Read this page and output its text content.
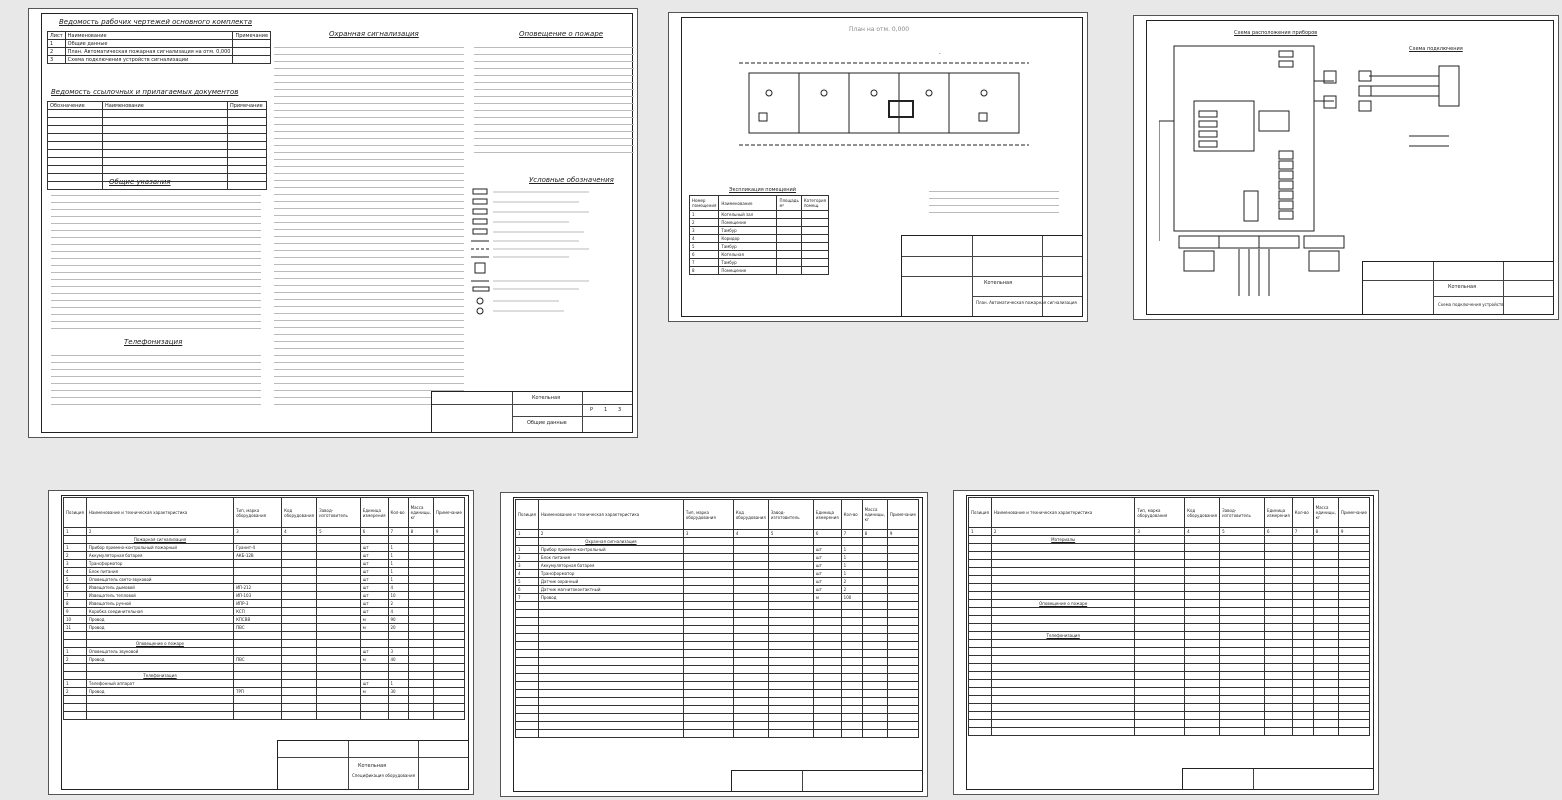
Ведомость рабочих чертежей основного комплекта
Лист	Наименование	Примечание
1	Общие данные	
2	План. Автоматическая пожарная сигнализация на отм. 0,000	
3	Схема подключения устройств сигнализации	
Ведомость ссылочных и прилагаемых документов
Обозначение	Наименование	Примечание

Общие указания
Телефонизация
Охранная сигнализация	Оповещение о пожаре
Условные обозначения
Котельная
Р 1 3
Общие данные
План на отм. 0,000
Экспликация помещений
Номер помещения	Наименование	Площадь м²	Категория помещ.
1	Котельный зал		
2	Помещение		
3	Тамбур		
4	Коридор		
5	Тамбур		
6	Котельная		
7	Тамбур		
8	Помещение		
Котельная
План. Автоматическая пожарная сигнализация
Схема расположения приборов
Схема подключения
Котельная
Схема подключения устройств
Позиция	Наименование и техническая характеристика	Тип, марка оборудования	Код оборудования	Завод-изготовитель	Единица измерения	Кол-во	Масса единицы, кг	Примечание
1	2	3	4	5	6	7	8	9
	Пожарная сигнализация							
1	Прибор приемно-контрольный пожарный	Гранит-4			шт	1		
2	Аккумуляторная батарея	АКБ-12В			шт	1		
3	Трансформатор				шт	1		
4	Блок питания				шт	1		
5	Оповещатель свето-звуковой				шт	1		
6	Извещатель дымовой	ИП-212			шт	4		
7	Извещатель тепловой	ИП-103			шт	10		
8	Извещатель ручной	ИПР-3			шт	2		
9	Коробка соединительная	КСП			шт	4		
10	Провод	КПСВВ			м	90		
11	Провод	ПВС			м	20		

	Оповещение о пожаре							
1	Оповещатель звуковой				шт	3		
2	Провод	ПВС			м	40		

	Телефонизация							
1	Телефонный аппарат				шт	1		
2	Провод	ТРП			м	30		

Котельная
Спецификация оборудования
Позиция	Наименование и техническая характеристика	Тип, марка оборудования	Код оборудования	Завод-изготовитель	Единица измерения	Кол-во	Масса единицы, кг	Примечание
1	2	3	4	5	6	7	8	9
	Охранная сигнализация							
1	Прибор приемно-контрольный				шт	1		
2	Блок питания				шт	1		
3	Аккумуляторная батарея				шт	1		
4	Трансформатор				шт	1		
5	Датчик охранный				шт	2		
6	Датчик магнитоконтактный				шт	2		
7	Провод				м	100		

Позиция	Наименование и техническая характеристика	Тип, марка оборудования	Код оборудования	Завод-изготовитель	Единица измерения	Кол-во	Масса единицы, кг	Примечание
1	2	3	4	5	6	7	8	9
	Материалы							

	Оповещение о пожаре							

	Телефонизация							
